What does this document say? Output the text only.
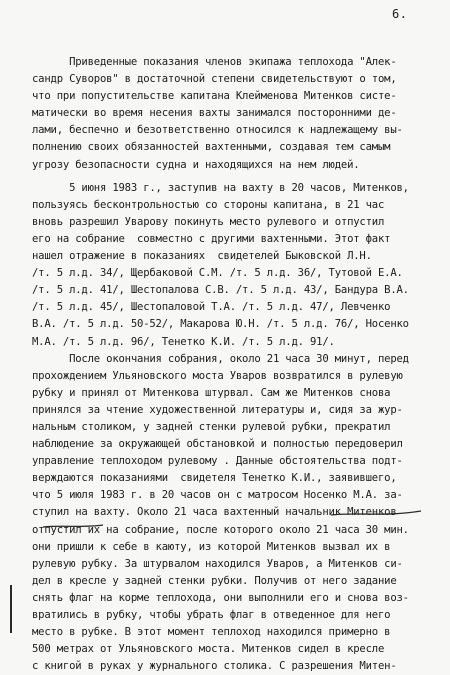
6.
Приведенные показания членов экипажа теплохода "Алек-
сандр Суворов" в достаточной степени свидетельствуют о том,
что при попустительстве капитана Клейменова Митенков систе-
матически во время несения вахты занимался посторонними де-
лами, беспечно и безответственно относился к надлежащему вы-
полнению своих обязанностей вахтенными, создавая тем самым
угрозу безопасности судна и находящихся на нем людей.
5 июня 1983 г., заступив на вахту в 20 часов, Митенков,
пользуясь бесконтрольностью со стороны капитана, в 21 час
вновь разрешил Уварову покинуть место рулевого и отпустил
его на собрание  совместно с другими вахтенными. Этот факт
нашел отражение в показаниях  свидетелей Быковской Л.Н.
/т. 5 л.д. 34/, Щербаковой С.М. /т. 5 л.д. 36/, Тутовой Е.А.
/т. 5 л.д. 41/, Шестопалова С.В. /т. 5 л.д. 43/, Бандура В.А.
/т. 5 л.д. 45/, Шестопаловой Т.А. /т. 5 л.д. 47/, Левченко
В.А. /т. 5 л.д. 50-52/, Макарова Ю.Н. /т. 5 л.д. 76/, Носенко
М.А. /т. 5 л.д. 96/, Тенетко К.И. /т. 5 л.д. 91/.
После окончания собрания, около 21 часа 30 минут, перед
прохождением Ульяновского моста Уваров возвратился в рулевую
рубку и принял от Митенкова штурвал. Сам же Митенков снова
принялся за чтение художественной литературы и, сидя за жур-
нальным столиком, у задней стенки рулевой рубки, прекратил
наблюдение за окружающей обстановкой и полностью передоверил
управление теплоходом рулевому . Данные обстоятельства подт-
верждаются показаниями  свидетеля Тенетко К.И., заявившего,
что 5 июля 1983 г. в 20 часов он с матросом Носенко М.А. за-
ступил на вахту. Около 21 часа вахтенный начальник Митенков
отпустил их на собрание, после которого около 21 часа 30 мин.
они пришли к себе в каюту, из которой Митенков вызвал их в
рулевую рубку. За штурвалом находился Уваров, а Митенков си-
дел в кресле у задней стенки рубки. Получив от него задание
снять флаг на корме теплохода, они выполнили его и снова воз-
вратились в рубку, чтобы убрать флаг в отведенное для него
место в рубке. В этот момент теплоход находился примерно в
500 метрах от Ульяновского моста. Митенков сидел в кресле
с книгой в руках у журнального столика. С разрешения Митен-
